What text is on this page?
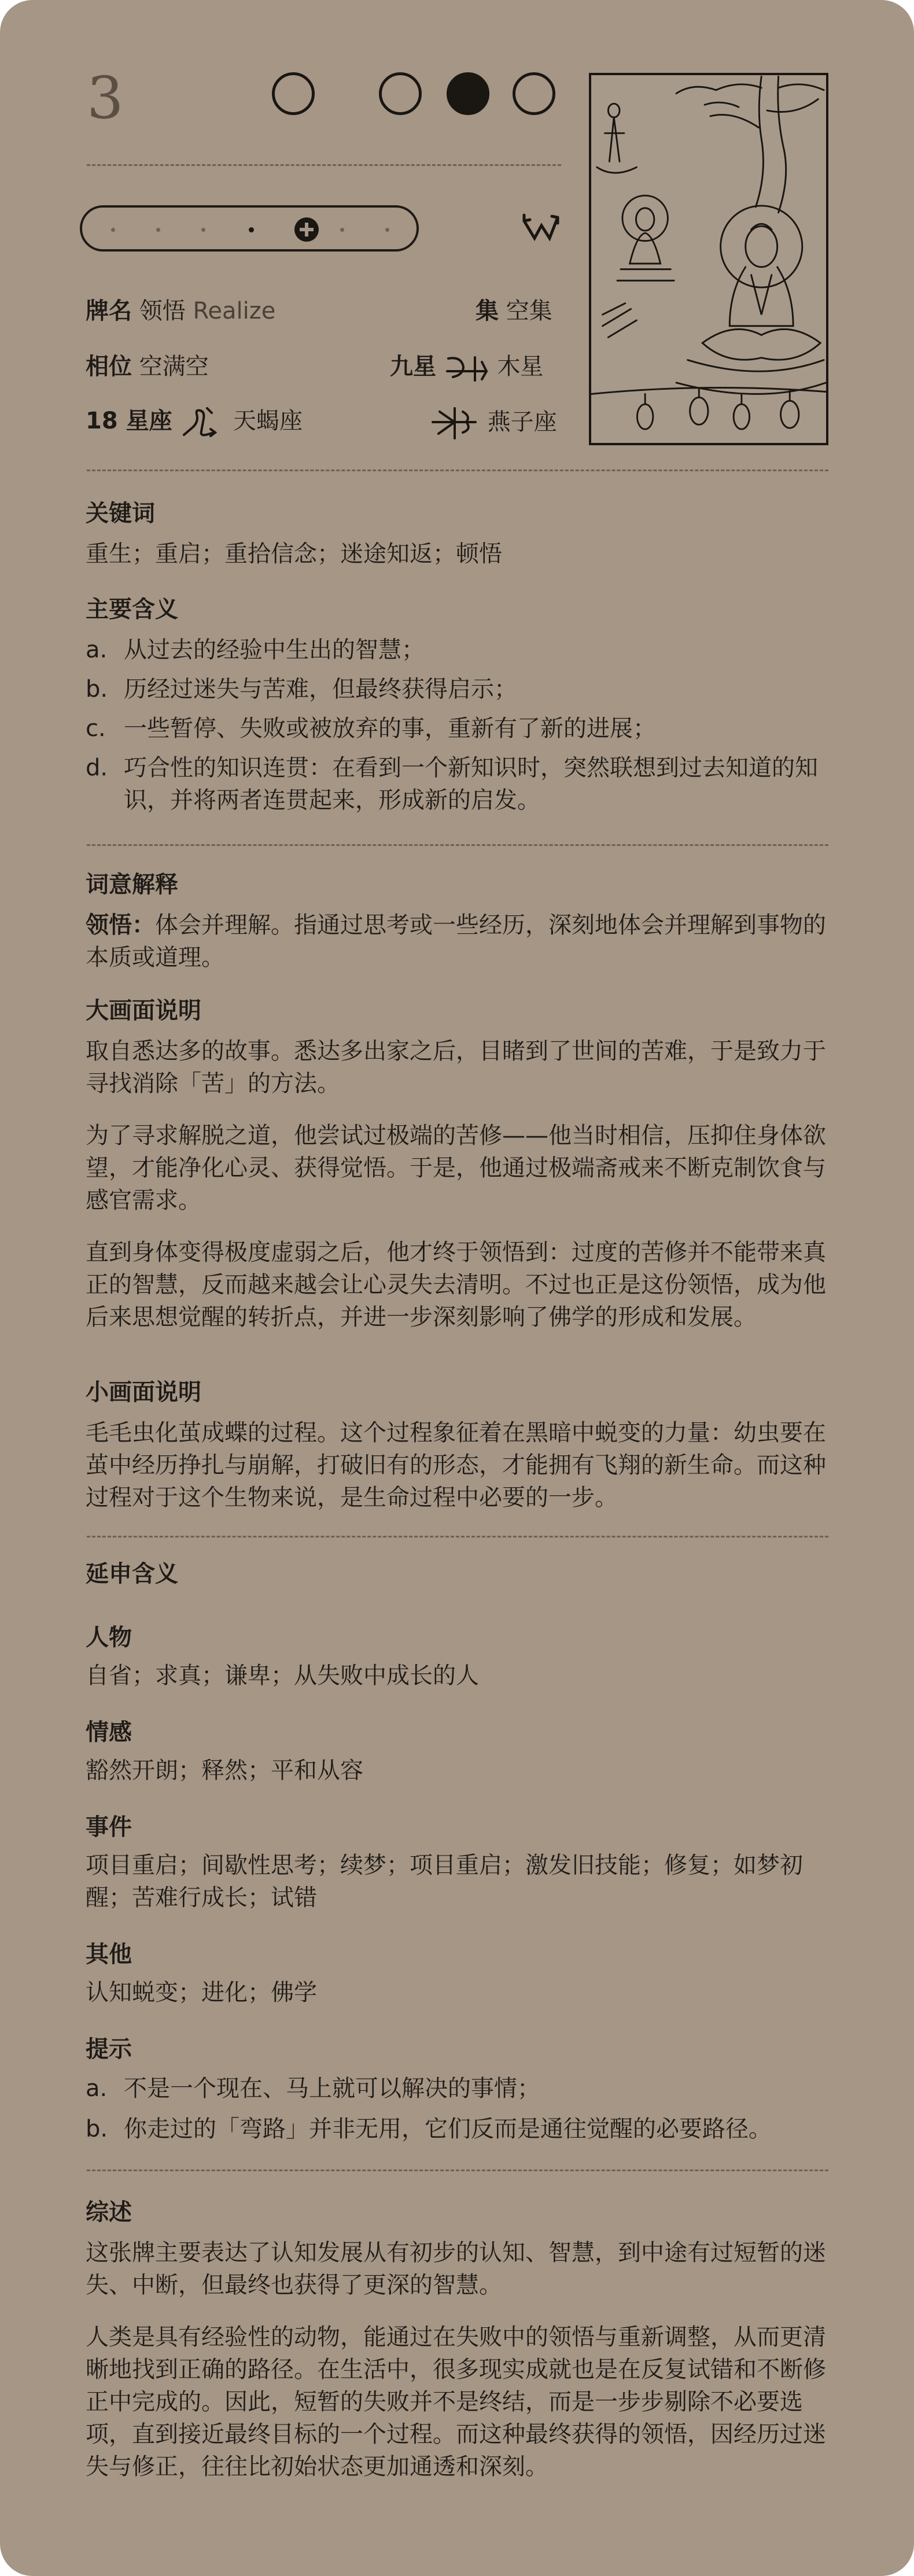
3
牌名 领悟 Realize	集 空集
相位 空满空	九星	木星
18 星座	天蝎座	燕子座
关键词

重生；重启；重拾信念；迷途知返；顿悟

主要含义
a. 从过去的经验中生出的智慧；
b. 历经过迷失与苦难，但最终获得启示；
c. 一些暂停、失败或被放弃的事，重新有了新的进展；
d. 巧合性的知识连贯：在看到一个新知识时，突然联想到过去知道的知识，并将两者连贯起来，形成新的启发。
词意解释

领悟：体会并理解。指通过思考或一些经历，深刻地体会并理解到事物的本质或道理。

大画面说明

取自悉达多的故事。悉达多出家之后，目睹到了世间的苦难，于是致力于寻找消除「苦」的方法。

为了寻求解脱之道，他尝试过极端的苦修——他当时相信，压抑住身体欲望，才能净化心灵、获得觉悟。于是，他通过极端斋戒来不断克制饮食与感官需求。

直到身体变得极度虚弱之后，他才终于领悟到：过度的苦修并不能带来真正的智慧，反而越来越会让心灵失去清明。不过也正是这份领悟，成为他后来思想觉醒的转折点，并进一步深刻影响了佛学的形成和发展。

小画面说明

毛毛虫化茧成蝶的过程。这个过程象征着在黑暗中蜕变的力量：幼虫要在茧中经历挣扎与崩解，打破旧有的形态，才能拥有飞翔的新生命。而这种过程对于这个生物来说，是生命过程中必要的一步。

延申含义
人物

自省；求真；谦卑；从失败中成长的人

情感

豁然开朗；释然；平和从容

事件

项目重启；间歇性思考；续梦；项目重启；激发旧技能；修复；如梦初醒；苦难行成长；试错

其他

认知蜕变；进化；佛学

提示
a. 不是一个现在、马上就可以解决的事情；
b. 你走过的「弯路」并非无用，它们反而是通往觉醒的必要路径。
综述

这张牌主要表达了认知发展从有初步的认知、智慧，到中途有过短暂的迷失、中断，但最终也获得了更深的智慧。

人类是具有经验性的动物，能通过在失败中的领悟与重新调整，从而更清晰地找到正确的路径。在生活中，很多现实成就也是在反复试错和不断修正中完成的。因此，短暂的失败并不是终结，而是一步步剔除不必要选项，直到接近最终目标的一个过程。而这种最终获得的领悟，因经历过迷失与修正，往往比初始状态更加通透和深刻。
